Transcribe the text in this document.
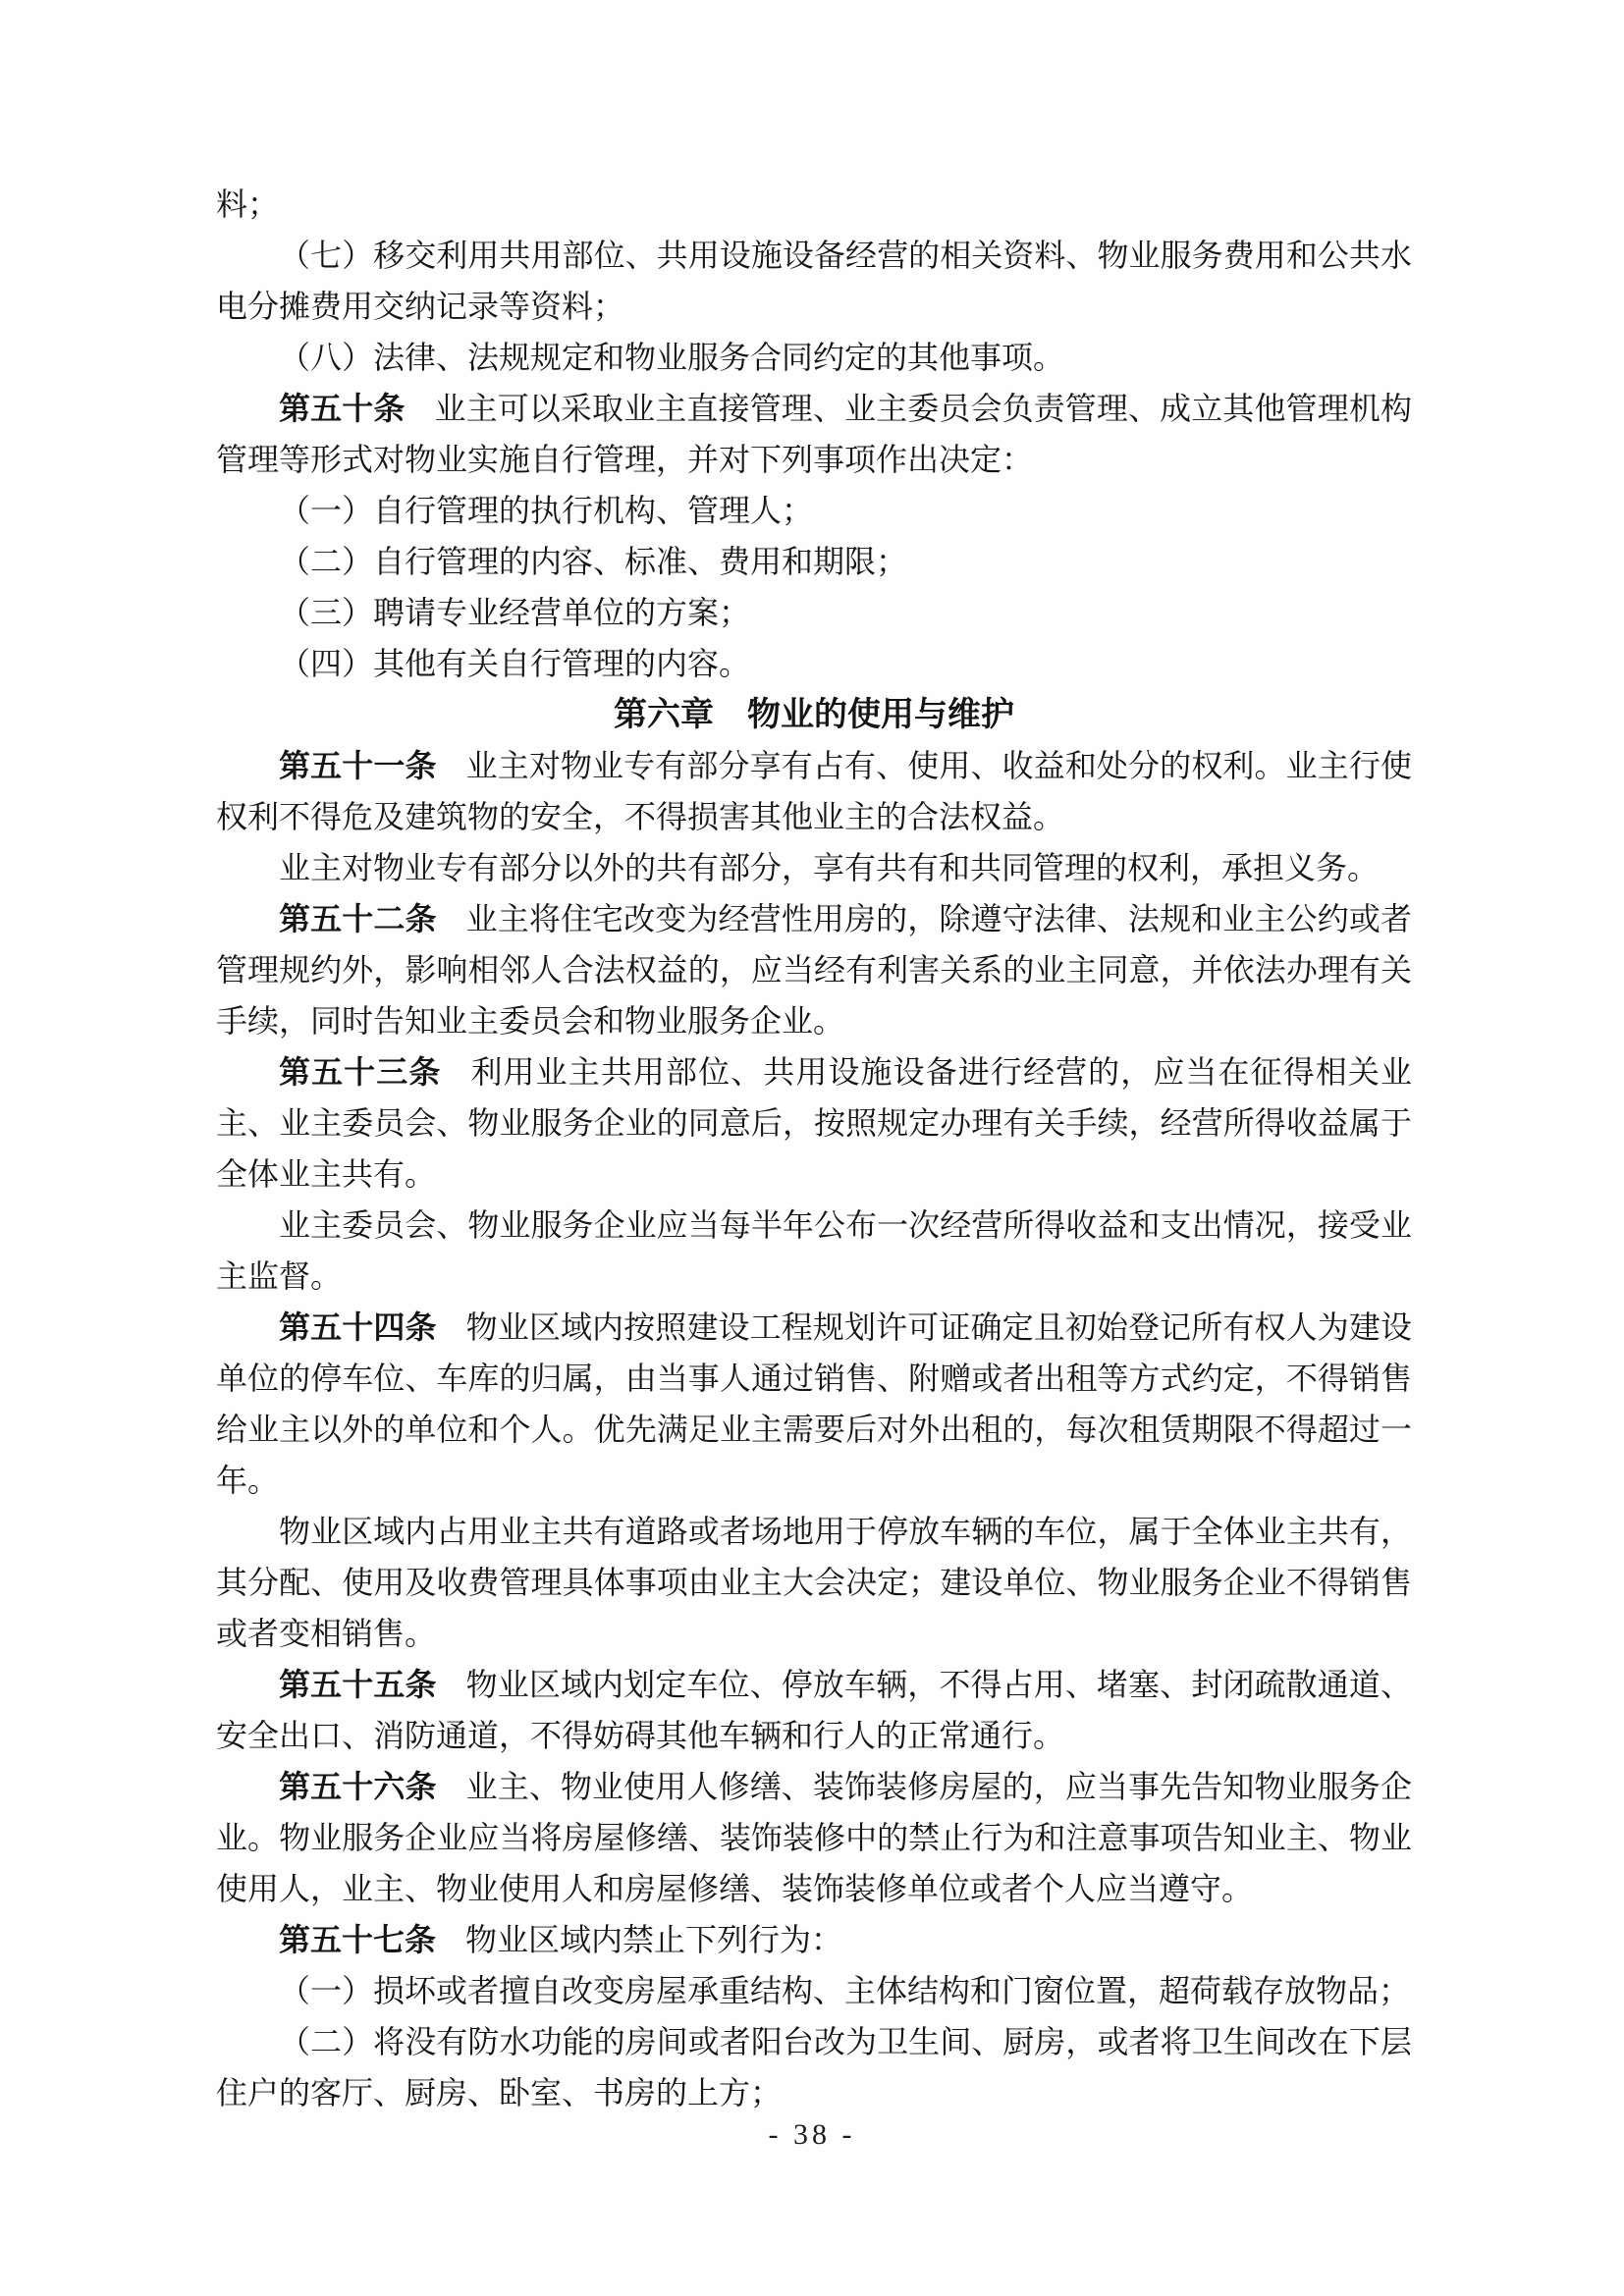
料；

（七）移交利用共用部位、共用设施设备经营的相关资料、物业服务费用和公共水电分摊费用交纳记录等资料；

（八）法律、法规规定和物业服务合同约定的其他事项。

第五十条 业主可以采取业主直接管理、业主委员会负责管理、成立其他管理机构管理等形式对物业实施自行管理，并对下列事项作出决定：

（一）自行管理的执行机构、管理人；

（二）自行管理的内容、标准、费用和期限；

（三）聘请专业经营单位的方案；

（四）其他有关自行管理的内容。

第六章 物业的使用与维护

第五十一条 业主对物业专有部分享有占有、使用、收益和处分的权利。业主行使权利不得危及建筑物的安全，不得损害其他业主的合法权益。

业主对物业专有部分以外的共有部分，享有共有和共同管理的权利，承担义务。

第五十二条 业主将住宅改变为经营性用房的，除遵守法律、法规和业主公约或者管理规约外，影响相邻人合法权益的，应当经有利害关系的业主同意，并依法办理有关手续，同时告知业主委员会和物业服务企业。

第五十三条 利用业主共用部位、共用设施设备进行经营的，应当在征得相关业主、业主委员会、物业服务企业的同意后，按照规定办理有关手续，经营所得收益属于全体业主共有。

业主委员会、物业服务企业应当每半年公布一次经营所得收益和支出情况，接受业主监督。

第五十四条 物业区域内按照建设工程规划许可证确定且初始登记所有权人为建设单位的停车位、车库的归属，由当事人通过销售、附赠或者出租等方式约定，不得销售给业主以外的单位和个人。优先满足业主需要后对外出租的，每次租赁期限不得超过一年。

物业区域内占用业主共有道路或者场地用于停放车辆的车位，属于全体业主共有，其分配、使用及收费管理具体事项由业主大会决定；建设单位、物业服务企业不得销售或者变相销售。

第五十五条 物业区域内划定车位、停放车辆，不得占用、堵塞、封闭疏散通道、安全出口、消防通道，不得妨碍其他车辆和行人的正常通行。

第五十六条 业主、物业使用人修缮、装饰装修房屋的，应当事先告知物业服务企业。物业服务企业应当将房屋修缮、装饰装修中的禁止行为和注意事项告知业主、物业使用人，业主、物业使用人和房屋修缮、装饰装修单位或者个人应当遵守。

第五十七条 物业区域内禁止下列行为：

（一）损坏或者擅自改变房屋承重结构、主体结构和门窗位置，超荷载存放物品；

（二）将没有防水功能的房间或者阳台改为卫生间、厨房，或者将卫生间改在下层住户的客厅、厨房、卧室、书房的上方；

- 38 -
